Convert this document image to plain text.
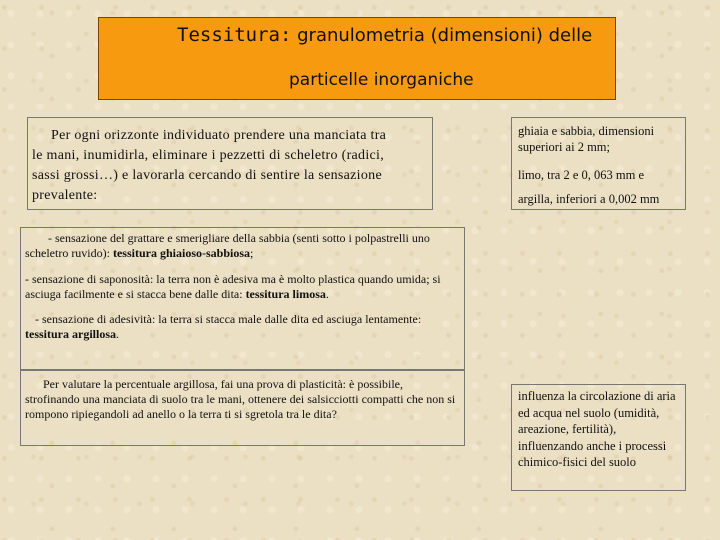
Tessitura: granulometria (dimensioni) delle
particelle inorganiche
Per ogni orizzonte individuato prendere una manciata tra
le mani, inumidirla, eliminare i pezzetti di scheletro (radici,
sassi grossi…) e lavorarla cercando di sentire la sensazione
prevalente:

ghiaia e sabbia, dimensioni superiori ai 2 mm;

limo, tra 2 e 0, 063 mm e

argilla, inferiori a 0,002 mm

- sensazione del grattare e smerigliare della sabbia (senti sotto i polpastrelli uno scheletro ruvido): tessitura ghiaioso-sabbiosa;

- sensazione di saponosità: la terra non è adesiva ma è molto plastica quando umida; si asciuga facilmente e si stacca bene dalle dita: tessitura limosa.

- sensazione di adesività: la terra si stacca male dalle dita ed asciuga lentamente: tessitura argillosa.

Per valutare la percentuale argillosa, fai una prova di plasticità: è possibile, strofinando una manciata di suolo tra le mani, ottenere dei salsicciotti compatti che non si rompono ripiegandoli ad anello o la terra ti si sgretola tra le dita?

influenza la circolazione di aria ed acqua nel suolo (umidità, areazione, fertilità), influenzando anche i processi chimico-fisici del suolo
